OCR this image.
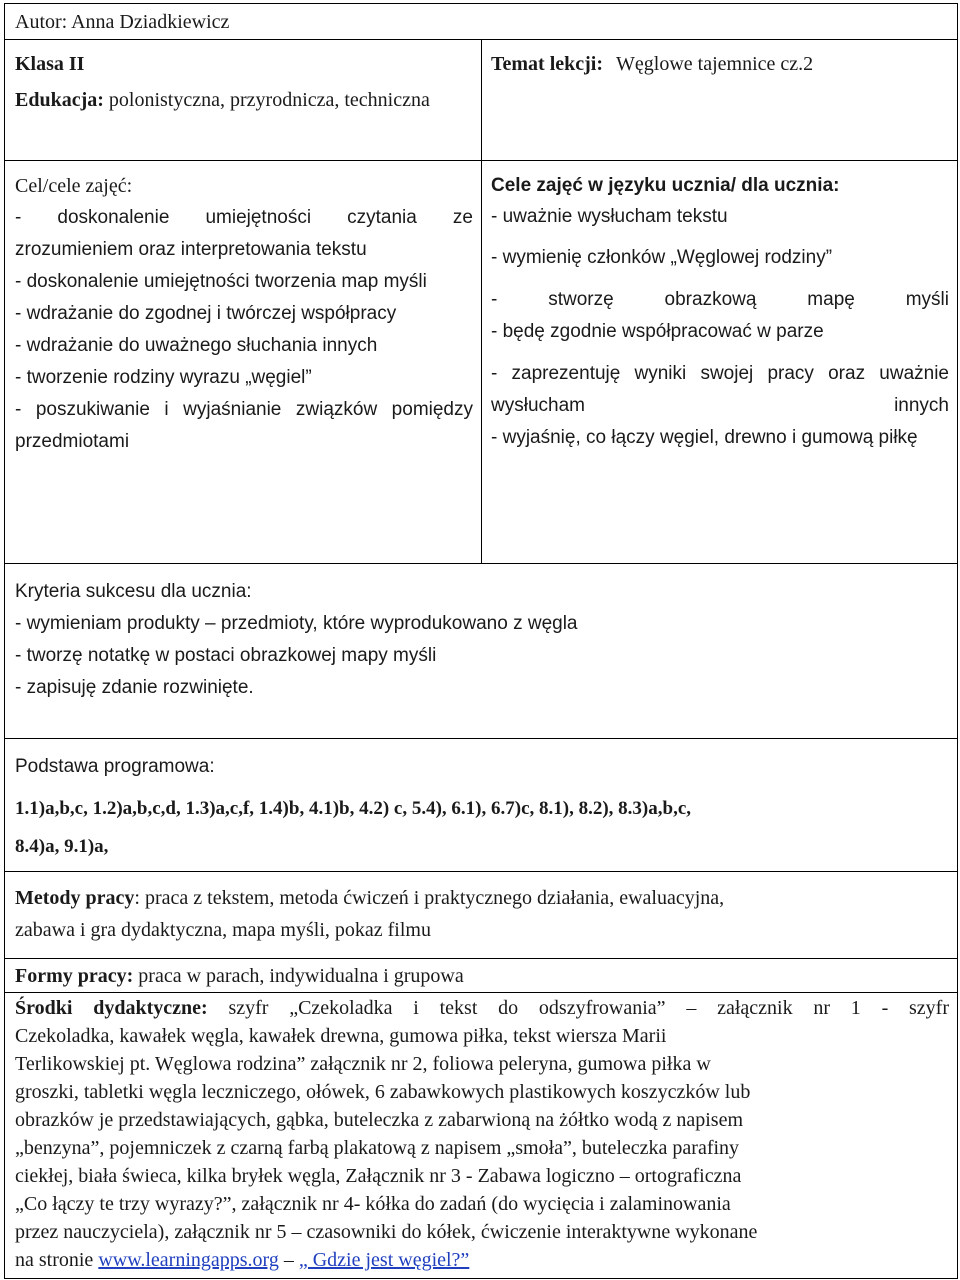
Autor: Anna Dziadkiewicz

Klasa II

Edukacja: polonistyczna, przyrodnicza, techniczna

Temat lekcji: Węglowe tajemnice cz.2

Cel/cele zajęć:

- doskonalenie umiejętności czytania ze zrozumieniem oraz interpretowania tekstu

- doskonalenie umiejętności tworzenia map myśli

- wdrażanie do zgodnej i twórczej współpracy

- wdrażanie do uważnego słuchania innych

- tworzenie rodziny wyrazu „węgiel”

- poszukiwanie i wyjaśnianie związków pomiędzy przedmiotami

Cele zajęć w języku ucznia/ dla ucznia:

- uważnie wysłucham tekstu

- wymienię członków „Węglowej rodziny”

- stworzę obrazkową mapę myśli

- będę zgodnie współpracować w parze

- zaprezentuję wyniki swojej pracy oraz uważnie wysłucham innych

- wyjaśnię, co łączy węgiel, drewno i gumową piłkę

Kryteria sukcesu dla ucznia:

- wymieniam produkty – przedmioty, które wyprodukowano z węgla

- tworzę notatkę w postaci obrazkowej mapy myśli

- zapisuję zdanie rozwinięte.

Podstawa programowa:

1.1)a,b,c, 1.2)a,b,c,d, 1.3)a,c,f, 1.4)b, 4.1)b, 4.2) c, 5.4), 6.1), 6.7)c, 8.1), 8.2), 8.3)a,b,c,

8.4)a, 9.1)a,

Metody pracy: praca z tekstem, metoda ćwiczeń i praktycznego działania, ewaluacyjna,

zabawa i gra dydaktyczna, mapa myśli, pokaz filmu

Formy pracy: praca w parach, indywidualna i grupowa

Środki dydaktyczne: szyfr „Czekoladka i tekst do odszyfrowania” – załącznik nr 1 - szyfr

Czekoladka, kawałek węgla, kawałek drewna, gumowa piłka, tekst wiersza Marii

Terlikowskiej pt. Węglowa rodzina” załącznik nr 2, foliowa peleryna, gumowa piłka w

groszki, tabletki węgla leczniczego, ołówek, 6 zabawkowych plastikowych koszyczków lub

obrazków je przedstawiających, gąbka, buteleczka z zabarwioną na żółtko wodą z napisem

„benzyna”, pojemniczek z czarną farbą plakatową z napisem „smoła”, buteleczka parafiny

ciekłej, biała świeca, kilka bryłek węgla, Załącznik nr 3 - Zabawa logiczno – ortograficzna

„Co łączy te trzy wyrazy?”, załącznik nr 4- kółka do zadań (do wycięcia i zalaminowania

przez nauczyciela), załącznik nr 5 – czasowniki do kółek, ćwiczenie interaktywne wykonane

na stronie www.learningapps.org – „ Gdzie jest węgiel?”
